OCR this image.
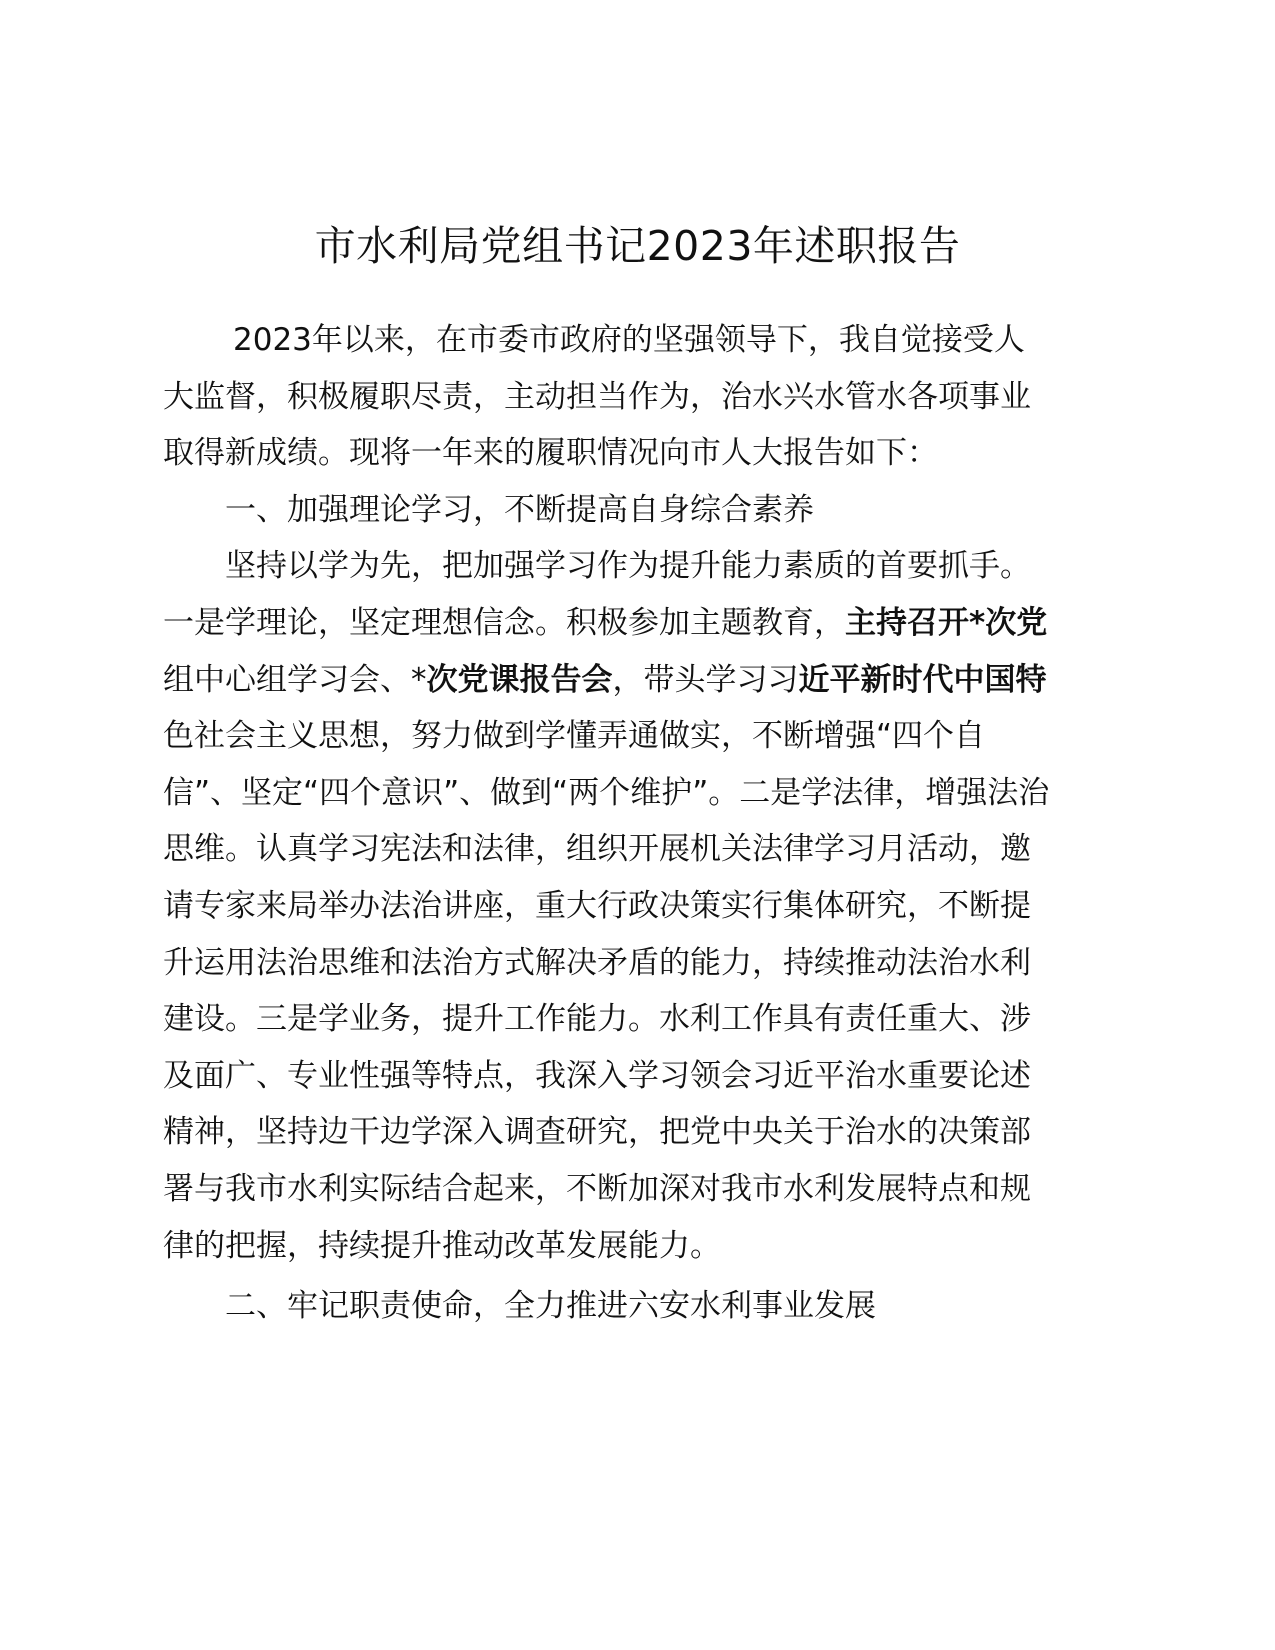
市水利局党组书记2023年述职报告
2023年以来，在市委市政府的坚强领导下，我自觉接受人
大监督，积极履职尽责，主动担当作为，治水兴水管水各项事业
取得新成绩。现将一年来的履职情况向市人大报告如下：
一、加强理论学习，不断提高自身综合素养
坚持以学为先，把加强学习作为提升能力素质的首要抓手。
一是学理论，坚定理想信念。积极参加主题教育，主持召开*次党
组中心组学习会、*次党课报告会，带头学习习近平新时代中国特
色社会主义思想，努力做到学懂弄通做实，不断增强“四个自
信”、坚定“四个意识”、做到“两个维护”。二是学法律，增强法治
思维。认真学习宪法和法律，组织开展机关法律学习月活动，邀
请专家来局举办法治讲座，重大行政决策实行集体研究，不断提
升运用法治思维和法治方式解决矛盾的能力，持续推动法治水利
建设。三是学业务，提升工作能力。水利工作具有责任重大、涉
及面广、专业性强等特点，我深入学习领会习近平治水重要论述
精神，坚持边干边学深入调查研究，把党中央关于治水的决策部
署与我市水利实际结合起来，不断加深对我市水利发展特点和规
律的把握，持续提升推动改革发展能力。
二、牢记职责使命，全力推进六安水利事业发展
